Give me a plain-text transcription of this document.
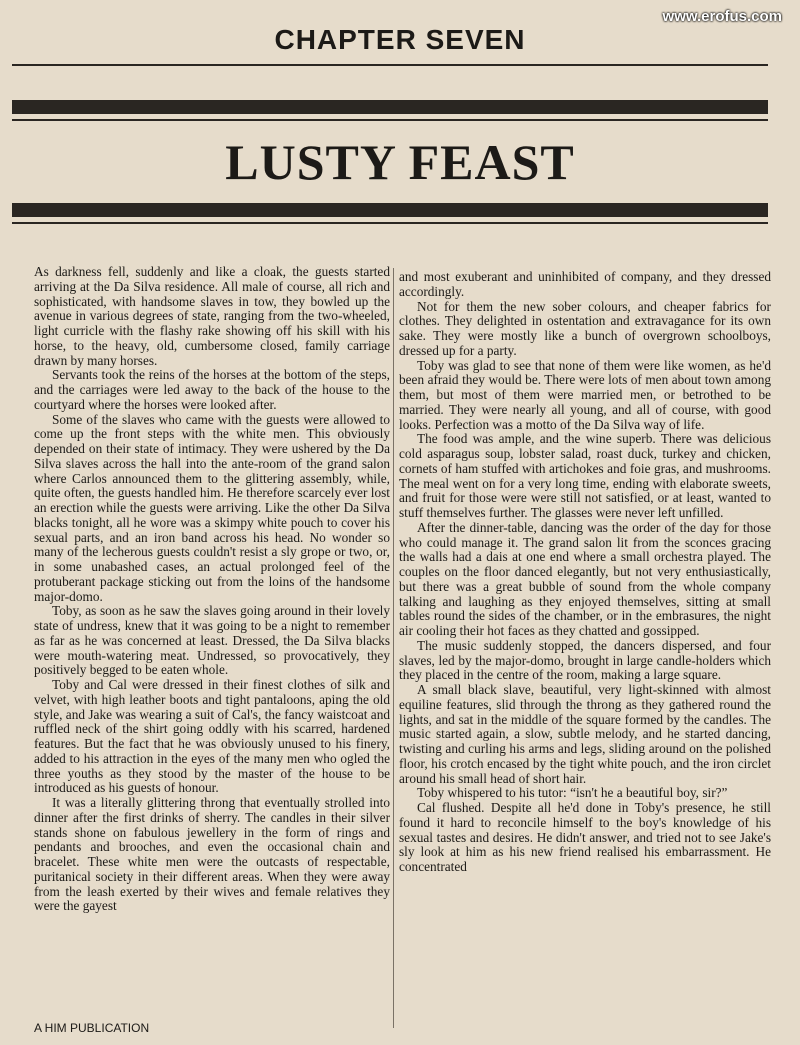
www.erofus.com
CHAPTER SEVEN
LUSTY FEAST

As darkness fell, suddenly and like a cloak, the guests started arriving at the Da Silva residence. All male of course, all rich and sophisticated, with handsome slaves in tow, they bowled up the avenue in various degrees of state, ranging from the two-wheeled, light curricle with the flashy rake showing off his skill with his horse, to the heavy, old, cumbersome closed, family carriage drawn by many horses.

Servants took the reins of the horses at the bottom of the steps, and the carriages were led away to the back of the house to the courtyard where the horses were looked after.

Some of the slaves who came with the guests were allowed to come up the front steps with the white men. This obviously depended on their state of intimacy. They were ushered by the Da Silva slaves across the hall into the ante-room of the grand salon where Carlos announced them to the glittering assembly, while, quite often, the guests handled him. He therefore scarcely ever lost an erection while the guests were arriving. Like the other Da Silva blacks tonight, all he wore was a skimpy white pouch to cover his sexual parts, and an iron band across his head. No wonder so many of the lecherous guests couldn't resist a sly grope or two, or, in some unabashed cases, an actual prolonged feel of the protuberant package sticking out from the loins of the handsome major-domo.

Toby, as soon as he saw the slaves going around in their lovely state of undress, knew that it was going to be a night to remember as far as he was concerned at least. Dressed, the Da Silva blacks were mouth-watering meat. Undressed, so provocatively, they positively begged to be eaten whole.

Toby and Cal were dressed in their finest clothes of silk and velvet, with high leather boots and tight pantaloons, aping the old style, and Jake was wearing a suit of Cal's, the fancy waistcoat and ruffled neck of the shirt going oddly with his scarred, hardened features. But the fact that he was obviously unused to his finery, added to his attraction in the eyes of the many men who ogled the three youths as they stood by the master of the house to be introduced as his guests of honour.

It was a literally glittering throng that eventually strolled into dinner after the first drinks of sherry. The candles in their silver stands shone on fabulous jewellery in the form of rings and pendants and brooches, and even the occasional chain and bracelet. These white men were the outcasts of respectable, puritanical society in their different areas. When they were away from the leash exerted by their wives and female relatives they were the gayest

and most exuberant and uninhibited of company, and they dressed accordingly.

Not for them the new sober colours, and cheaper fabrics for clothes. They delighted in ostentation and extravagance for its own sake. They were mostly like a bunch of overgrown schoolboys, dressed up for a party.

Toby was glad to see that none of them were like women, as he'd been afraid they would be. There were lots of men about town among them, but most of them were married men, or betrothed to be married. They were nearly all young, and all of course, with good looks. Perfection was a motto of the Da Silva way of life.

The food was ample, and the wine superb. There was delicious cold asparagus soup, lobster salad, roast duck, turkey and chicken, cornets of ham stuffed with artichokes and foie gras, and mushrooms. The meal went on for a very long time, ending with elaborate sweets, and fruit for those were were still not satisfied, or at least, wanted to stuff themselves further. The glasses were never left unfilled.

After the dinner-table, dancing was the order of the day for those who could manage it. The grand salon lit from the sconces gracing the walls had a dais at one end where a small orchestra played. The couples on the floor danced elegantly, but not very enthusiastically, but there was a great bubble of sound from the whole company talking and laughing as they enjoyed themselves, sitting at small tables round the sides of the chamber, or in the embrasures, the night air cooling their hot faces as they chatted and gossipped.

The music suddenly stopped, the dancers dispersed, and four slaves, led by the major-domo, brought in large candle-holders which they placed in the centre of the room, making a large square.

A small black slave, beautiful, very light-skinned with almost equiline features, slid through the throng as they gathered round the lights, and sat in the middle of the square formed by the candles. The music started again, a slow, subtle melody, and he started dancing, twisting and curling his arms and legs, sliding around on the polished floor, his crotch encased by the tight white pouch, and the iron circlet around his small head of short hair.

Toby whispered to his tutor: “isn't he a beautiful boy, sir?”

Cal flushed. Despite all he'd done in Toby's presence, he still found it hard to reconcile himself to the boy's knowledge of his sexual tastes and desires. He didn't answer, and tried not to see Jake's sly look at him as his new friend realised his embarrassment. He concentrated

A HIM PUBLICATION
